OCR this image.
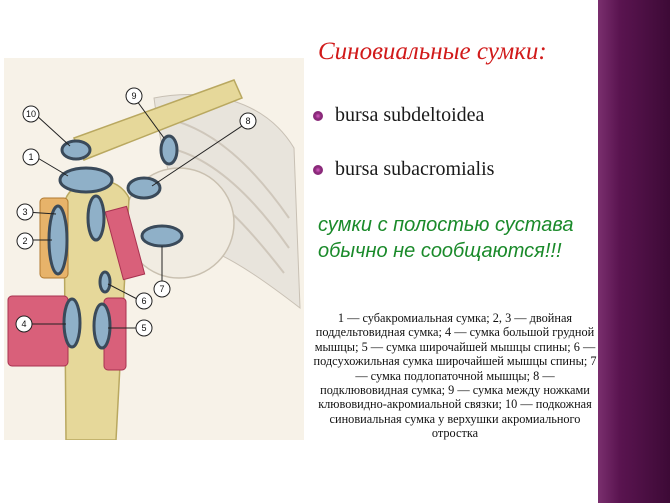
10
9
8
1
3
2
4	5
6
7
Синовиальные сумки:
bursa subdeltoidea
bursa subacromialis
сумки с полостью сустава обычно не сообщаются!!!
1 — субакромиальная сумка; 2, 3 — двойная поддельтовидная сумка; 4 — сумка большой грудной мышцы; 5 — сумка широчайшей мышцы спины; 6 — подсухожильная сумка широчайшей мышцы спины; 7 — сумка подлопаточной мышцы; 8 — подклювовидная сумка; 9 — сумка между ножками клювовидно-акромиальной связки; 10 — подкожная синовиальная сумка у верхушки акромиального отростка
